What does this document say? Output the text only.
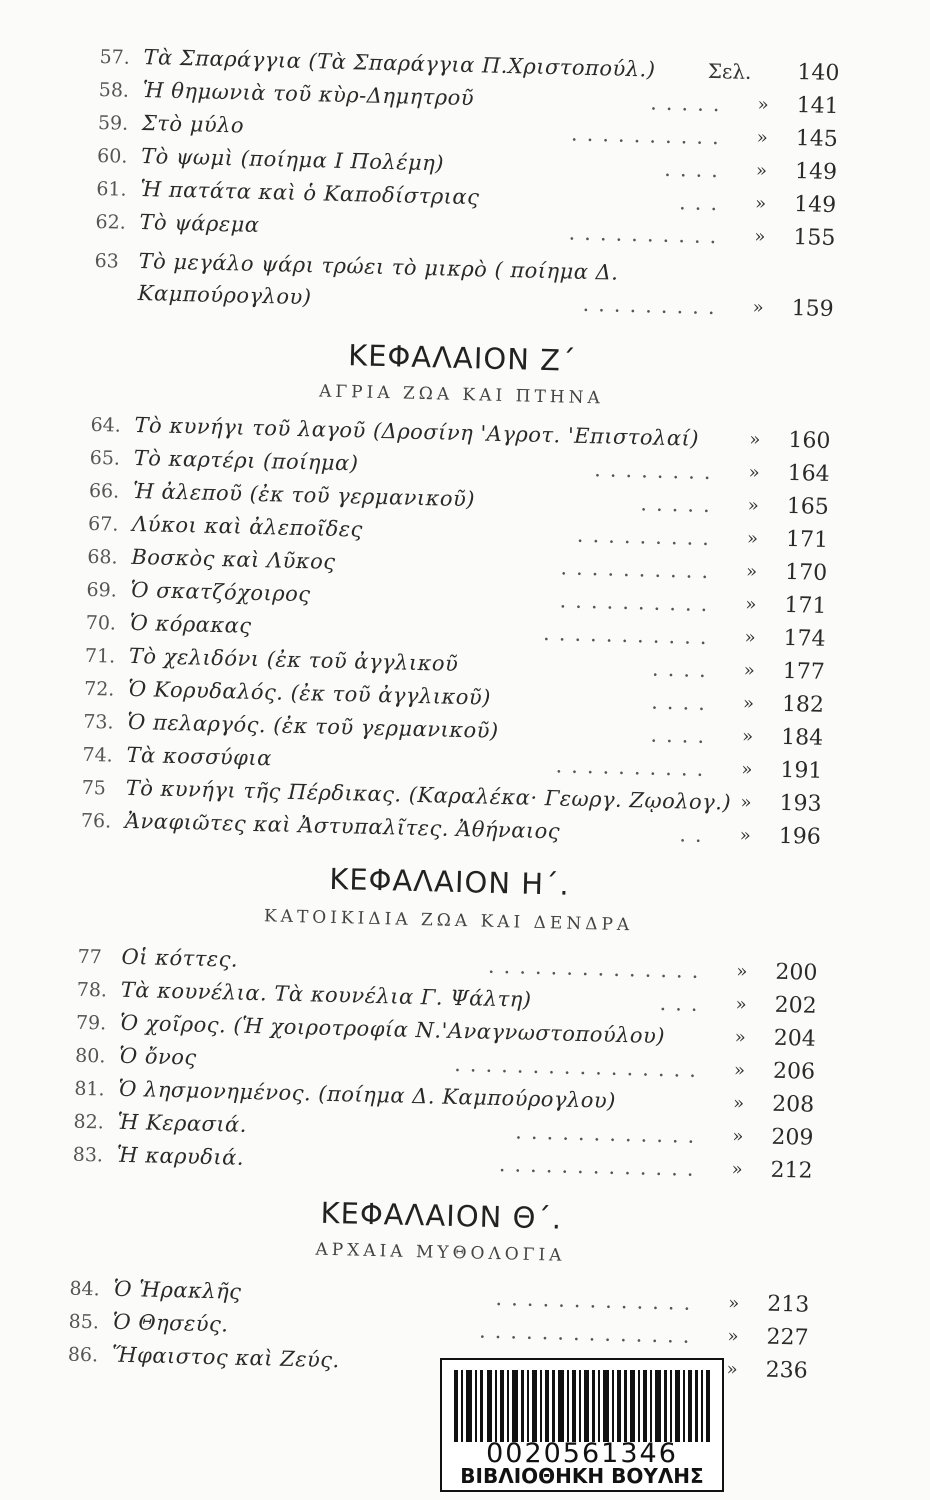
57. Τὰ Σπαράγγια (Τὰ Σπαράγγια Π.Χριστοπούλ.)	Σελ.	140
58. Ἡ θημωνιὰ τοῦ κὺρ-Δημητροῦ	..... »	141
59. Στὸ μύλο	.......... »	145
60. Τὸ ψωμὶ (ποίημα Ι Πολέμη)	.... »	149
61. Ἡ πατάτα καὶ ὁ Καποδίστριας	... »	149
62. Τὸ ψάρεμα	.......... »	155
63 Τὸ μεγάλο ψάρι τρώει τὸ μικρὸ ( ποίημα Δ.
Καμπούρογλου)	......... »	159
ΚΕΦΑΛΑΙΟΝ Ζ΄
ΑΓΡΙΑ ΖΩΑ ΚΑΙ ΠΤΗΝΑ
64. Τὸ κυνήγι τοῦ λαγοῦ (Δροσίνη 'Αγροτ. 'Επιστολαί)	»	160
65. Τὸ καρτέρι (ποίημα)	........ »	164
66. Ἡ ἀλεποῦ (ἐκ τοῦ γερμανικοῦ)	..... »	165
67. Λύκοι καὶ ἀλεποῖδες	......... »	171
68. Βοσκὸς καὶ Λῦκος	.......... »	170
69. Ὁ σκατζόχοιρος	.......... »	171
70. Ὁ κόρακας	........... »	174
71. Τὸ χελιδόνι (ἐκ τοῦ ἀγγλικοῦ	.... »	177
72. Ὁ Κορυδαλός. (ἐκ τοῦ ἀγγλικοῦ)	.... »	182
73. Ὁ πελαργός. (ἐκ τοῦ γερμανικοῦ)	.... »	184
74. Τὰ κοσσύφια	.......... »	191
75 Τὸ κυνήγι τῆς Πέρδικας. (Καραλέκα· Γεωργ. Ζῳολογ.) »	193
76. Ἀναφιῶτες καὶ Ἀστυπαλῖτες. Ἀθήναιος	.. »	196
ΚΕΦΑΛΑΙΟΝ Η΄.
ΚΑΤΟΙΚΙΔΙΑ ΖΩΑ ΚΑΙ ΔΕΝΔΡΑ
77 Οἱ κόττες.	.............. »	200
78. Τὰ κουνέλια. Τὰ κουνέλια Γ. Ψάλτη)	... »	202
79. Ὁ χοῖρος. (Ἡ χοιροτροφία Ν.'Αναγνωστοπούλου)	»	204
80. Ὁ ὄνος	................ »	206
81. Ὁ λησμονημένος. (ποίημα Δ. Καμπούρογλου)	»	208
82. Ἡ Κερασιά.	............ »	209
83. Ἡ καρυδιά.	............. »	212
ΚΕΦΑΛΑΙΟΝ Θ΄.
ΑΡΧΑΙΑ ΜΥΘΟΛΟΓΙΑ
84. Ὁ Ἡρακλῆς	............. »	213
85. Ὁ Θησεύς.	.............. »	227
86. Ἥφαιστος καὶ Ζεύς.	»	236
0020561346
ΒΙΒΛΙΟΘΗΚΗ ΒΟΥΛΗΣ
